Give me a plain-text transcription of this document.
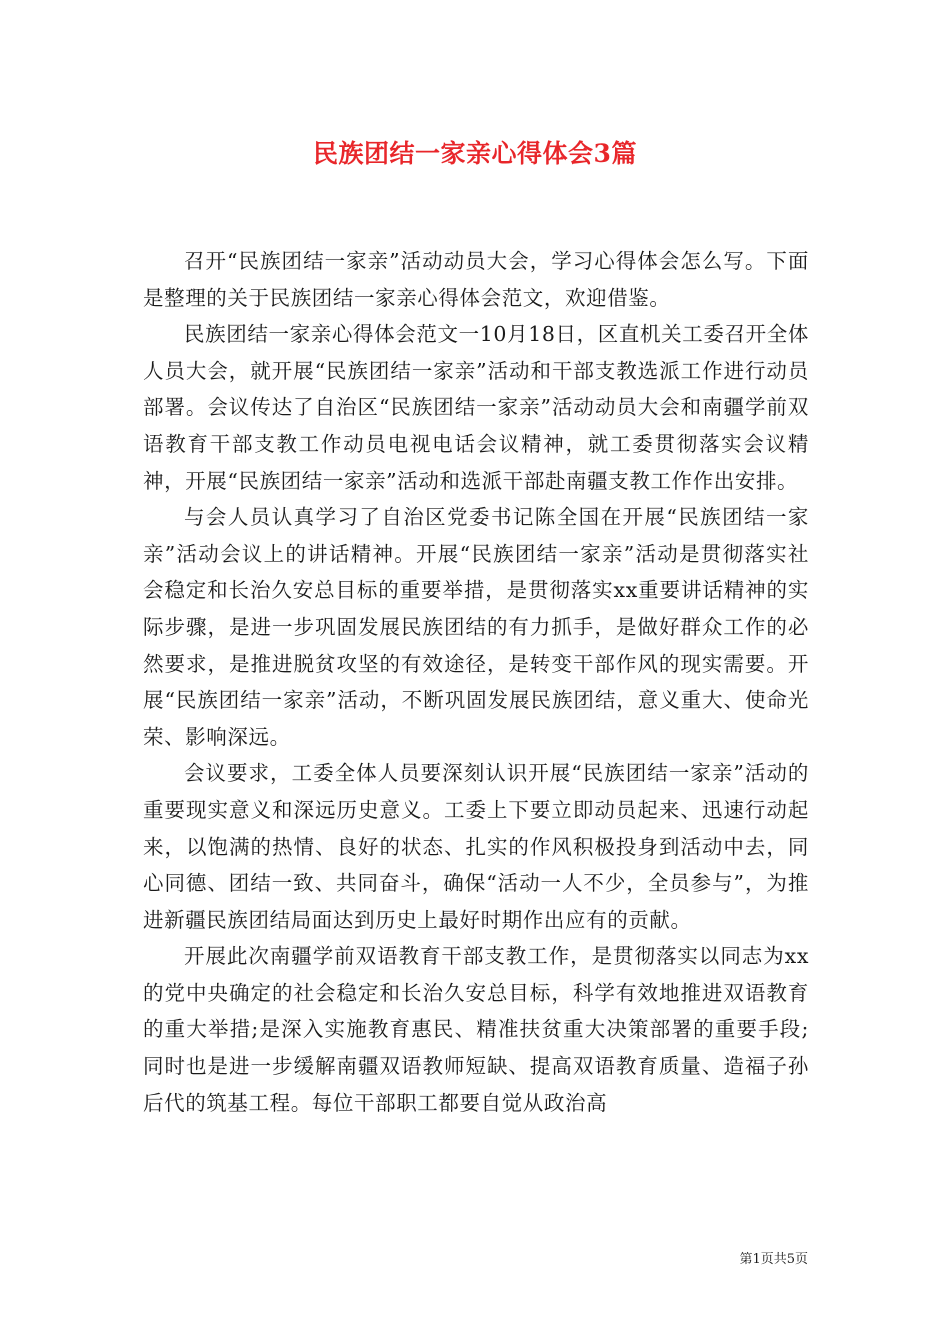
民族团结一家亲心得体会3篇

召开“民族团结一家亲”活动动员大会，学习心得体会怎么写。下面是整理的关于民族团结一家亲心得体会范文，欢迎借鉴。

民族团结一家亲心得体会范文一10月18日，区直机关工委召开全体人员大会，就开展“民族团结一家亲”活动和干部支教选派工作进行动员部署。会议传达了自治区“民族团结一家亲”活动动员大会和南疆学前双语教育干部支教工作动员电视电话会议精神，就工委贯彻落实会议精神，开展“民族团结一家亲”活动和选派干部赴南疆支教工作作出安排。

与会人员认真学习了自治区党委书记陈全国在开展“民族团结一家亲”活动会议上的讲话精神。开展“民族团结一家亲”活动是贯彻落实社会稳定和长治久安总目标的重要举措，是贯彻落实xx重要讲话精神的实际步骤，是进一步巩固发展民族团结的有力抓手，是做好群众工作的必然要求，是推进脱贫攻坚的有效途径，是转变干部作风的现实需要。开展“民族团结一家亲”活动，不断巩固发展民族团结，意义重大、使命光荣、影响深远。

会议要求，工委全体人员要深刻认识开展“民族团结一家亲”活动的重要现实意义和深远历史意义。工委上下要立即动员起来、迅速行动起来，以饱满的热情、良好的状态、扎实的作风积极投身到活动中去，同心同德、团结一致、共同奋斗，确保“活动一人不少，全员参与”，为推进新疆民族团结局面达到历史上最好时期作出应有的贡献。

开展此次南疆学前双语教育干部支教工作，是贯彻落实以同志为xx的党中央确定的社会稳定和长治久安总目标，科学有效地推进双语教育的重大举措;是深入实施教育惠民、精准扶贫重大决策部署的重要手段;同时也是进一步缓解南疆双语教师短缺、提高双语教育质量、造福子孙后代的筑基工程。每位干部职工都要自觉从政治高

第1页共5页
